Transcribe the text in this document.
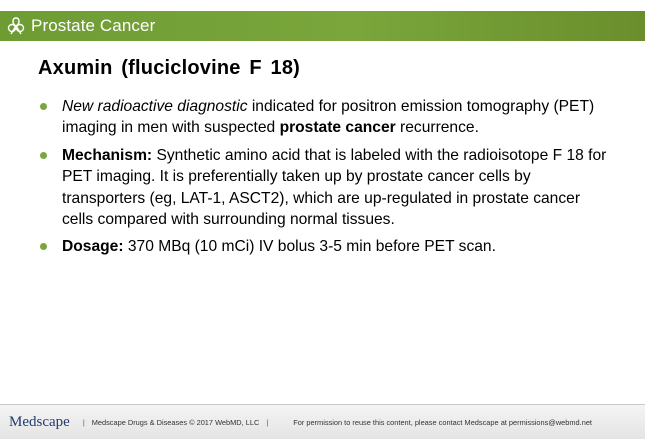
Prostate Cancer
Axumin (fluciclovine F 18)
New radioactive diagnostic indicated for positron emission tomography (PET) imaging in men with suspected prostate cancer recurrence.
Mechanism: Synthetic amino acid that is labeled with the radioisotope F 18 for PET imaging. It is preferentially taken up by prostate cancer cells by transporters (eg, LAT-1, ASCT2), which are up-regulated in prostate cancer cells compared with surrounding normal tissues.
Dosage: 370 MBq (10 mCi) IV bolus 3-5 min before PET scan.
Medscape | Medscape Drugs & Diseases © 2017 WebMD, LLC |	For permission to reuse this content, please contact Medscape at permissions@webmd.net
